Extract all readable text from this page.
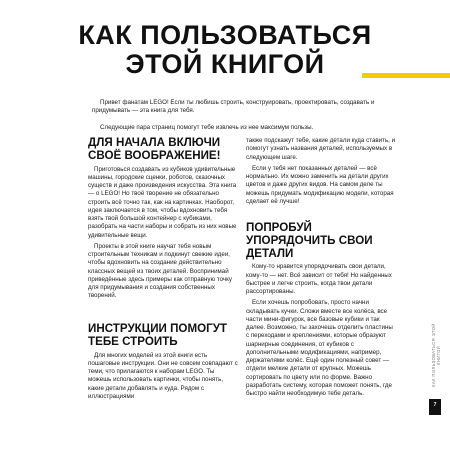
КАК ПОЛЬЗОВАТЬСЯ
ЭТОЙ КНИГОЙ

Привет фанатам LEGO! Если ты любишь строить, конструировать, проектировать, создавать и придумывать — эта книга для тебя.

Следующие пара страниц помогут тебе извлечь из нее максимум пользы.

ДЛЯ НАЧАЛА ВКЛЮЧИ СВОЁ ВООБРАЖЕНИЕ!

Приготовься создавать из кубиков удивительные машины, городские сценки, роботов, сказочных существ и даже произведения искусства. Эта книга — о LEGO! Но твоё творение не обязательно строить всё точно так, как на картинках. Наоборот, идея заключается в том, чтобы вдохновить тебя взять твой большой контейнер с кубиками, разобрать на части наборы и собрать из них новые удивительные вещи.

Проекты в этой книге научат тебя новым строительным техникам и подкинут свежие идеи, чтобы вдохновить на создание действительно классных вещей из твоих деталей. Воспринимай приведённые здесь примеры как отправную точку для придумывания и создания собственных творений.

ИНСТРУКЦИИ ПОМОГУТ ТЕБЕ СТРОИТЬ

Для многих моделей из этой книги есть пошаговые инструкции. Они не совсем совпадают с теми, что прилагаются к наборам LEGO. Ты можешь использовать картинки, чтобы понять, какие детали добавлять и куда. Рядом с иллюстрациями

также подскажут тебе, какие детали куда ставить, и помогут узнать названия деталей, используемых в следующем шаге.

Если у тебя нет показанных деталей — всё нормально. Их можно заменить на детали других цветов и даже других видов. На самом деле ты можешь придумать модификацию модели, которая сделает её лучше!

ПОПРОБУЙ УПОРЯДОЧИТЬ СВОИ ДЕТАЛИ

Кому-то нравится упорядочивать свои детали, кому-то — нет. Всё зависит от тебя! Но найденных быстрее и легче строить, когда твои детали рассортированы.

Если хочешь попробовать, просто начни складывать кучки. Сложи вместе все колёса, все части мини-фигурок, все базовые кубики и так далее. Возможно, ты захочешь отделить пластины с переходами и креплениями, которые образуют шарнирные соединения, от кубиков с дополнительными модификациями, например, держателями колёс. Ещё один полезный совет — отдели мелкие детали от крупных. Можешь сортировать по цвету или по форме. Важно разработать систему, которая поможет понять, где быстро найти необходимую тебе деталь.

КАК ПОЛЬЗОВАТЬСЯ ЭТОЙ КНИГОЙ
7
